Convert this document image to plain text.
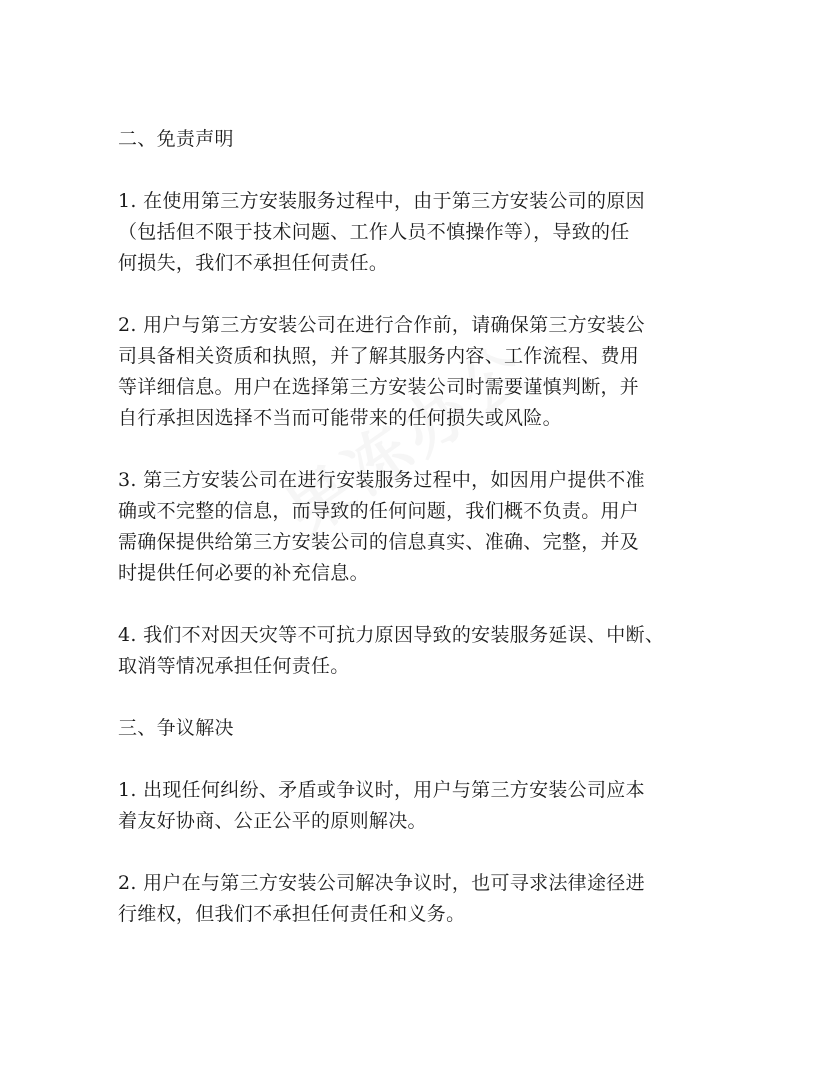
二、免责声明
1. 在使用第三方安装服务过程中，由于第三方安装公司的原因
（包括但不限于技术问题、工作人员不慎操作等），导致的任
何损失，我们不承担任何责任。
2. 用户与第三方安装公司在进行合作前，请确保第三方安装公
司具备相关资质和执照，并了解其服务内容、工作流程、费用
等详细信息。用户在选择第三方安装公司时需要谨慎判断，并
自行承担因选择不当而可能带来的任何损失或风险。
3. 第三方安装公司在进行安装服务过程中，如因用户提供不准
确或不完整的信息，而导致的任何问题，我们概不负责。用户
需确保提供给第三方安装公司的信息真实、准确、完整，并及
时提供任何必要的补充信息。
4. 我们不对因天灾等不可抗力原因导致的安装服务延误、中断、
取消等情况承担任何责任。
三、争议解决
1. 出现任何纠纷、矛盾或争议时，用户与第三方安装公司应本
着友好协商、公正公平的原则解决。
2. 用户在与第三方安装公司解决争议时，也可寻求法律途径进
行维权，但我们不承担任何责任和义务。
